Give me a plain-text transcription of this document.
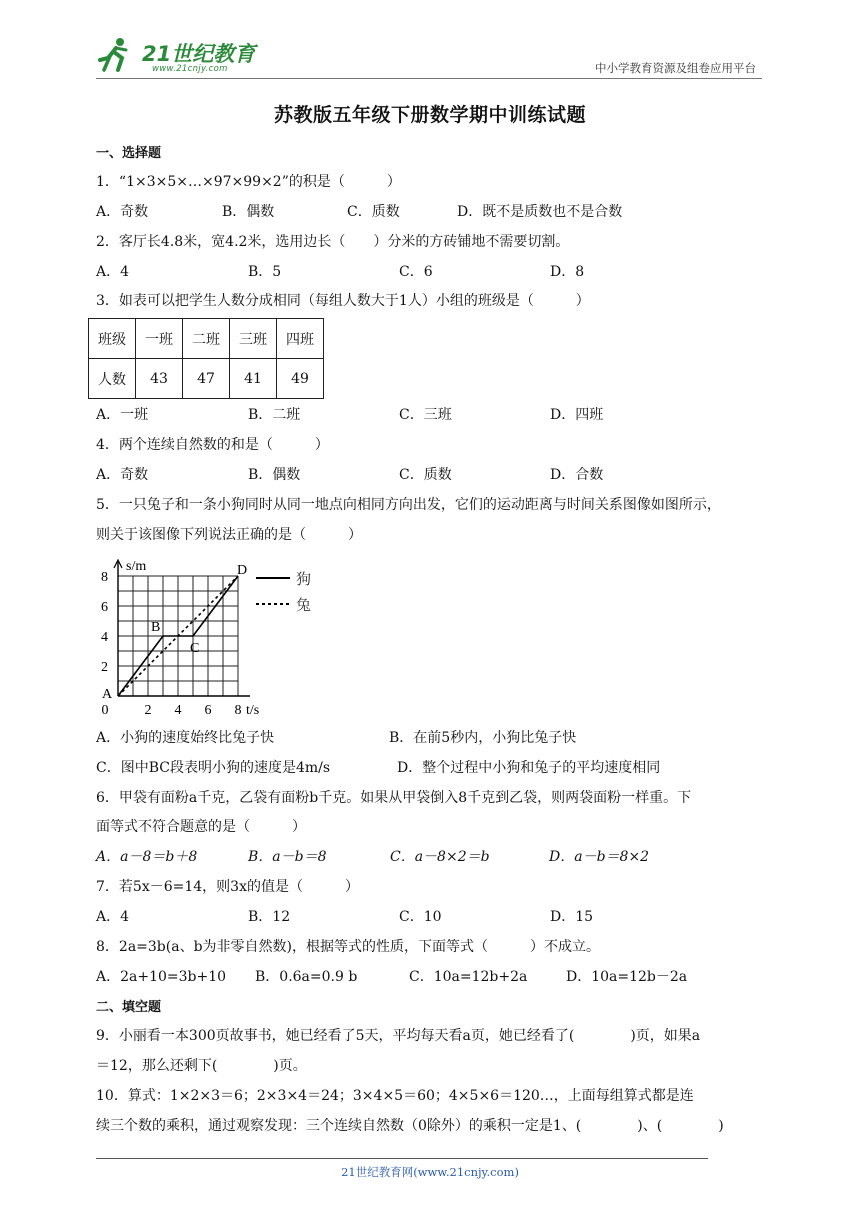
21世纪教育
www.21cnjy.com	中小学教育资源及组卷应用平台
苏教版五年级下册数学期中训练试题
一、选择题
1．“1×3×5×…×97×99×2”的积是（　　　）
A．奇数	B．偶数	C．质数	D．既不是质数也不是合数
2．客厅长4.8米，宽4.2米，选用边长（　　）分米的方砖铺地不需要切割。
A．4	B．5	C．6	D．8
3．如表可以把学生人数分成相同（每组人数大于1人）小组的班级是（　　　）
班级	一班	二班	三班	四班
人数	43	47	41	49
A．一班	B．二班	C．三班	D．四班
4．两个连续自然数的和是（　　　）
A．奇数	B．偶数	C．质数	D．合数
5．一只兔子和一条小狗同时从同一地点向相同方向出发，它们的运动距离与时间关系图像如图所示，
则关于该图像下列说法正确的是（　　　）
0	2 4 6 8
2
4
6
8
t/s
s/m
A
B
C
D
狗
兔
A．小狗的速度始终比兔子快	B．在前5秒内，小狗比兔子快
C．图中BC段表明小狗的速度是4m/s	D．整个过程中小狗和兔子的平均速度相同
6．甲袋有面粉a千克，乙袋有面粉b千克。如果从甲袋倒入8千克到乙袋，则两袋面粉一样重。下
面等式不符合题意的是（　　　）
A．a－8＝b＋8	B．a－b＝8	C．a－8×2＝b	D．a－b＝8×2
7．若5x－6=14，则3x的值是（　　　）
A．4	B．12	C．10	D．15
8．2a=3b(a、b为非零自然数)，根据等式的性质，下面等式（　　　）不成立。
A．2a+10=3b+10 B．0.6a=0.9 b	C．10a=12b+2a	D．10a=12b－2a
二、填空题
9．小丽看一本300页故事书，她已经看了5天，平均每天看a页，她已经看了(　　　　)页，如果a
＝12，那么还剩下(　　　　)页。
10．算式：1×2×3＝6；2×3×4＝24；3×4×5＝60；4×5×6＝120…，上面每组算式都是连
续三个数的乘积，通过观察发现：三个连续自然数（0除外）的乘积一定是1、(　　　　)、(　　　　)
21世纪教育网(www.21cnjy.com)
